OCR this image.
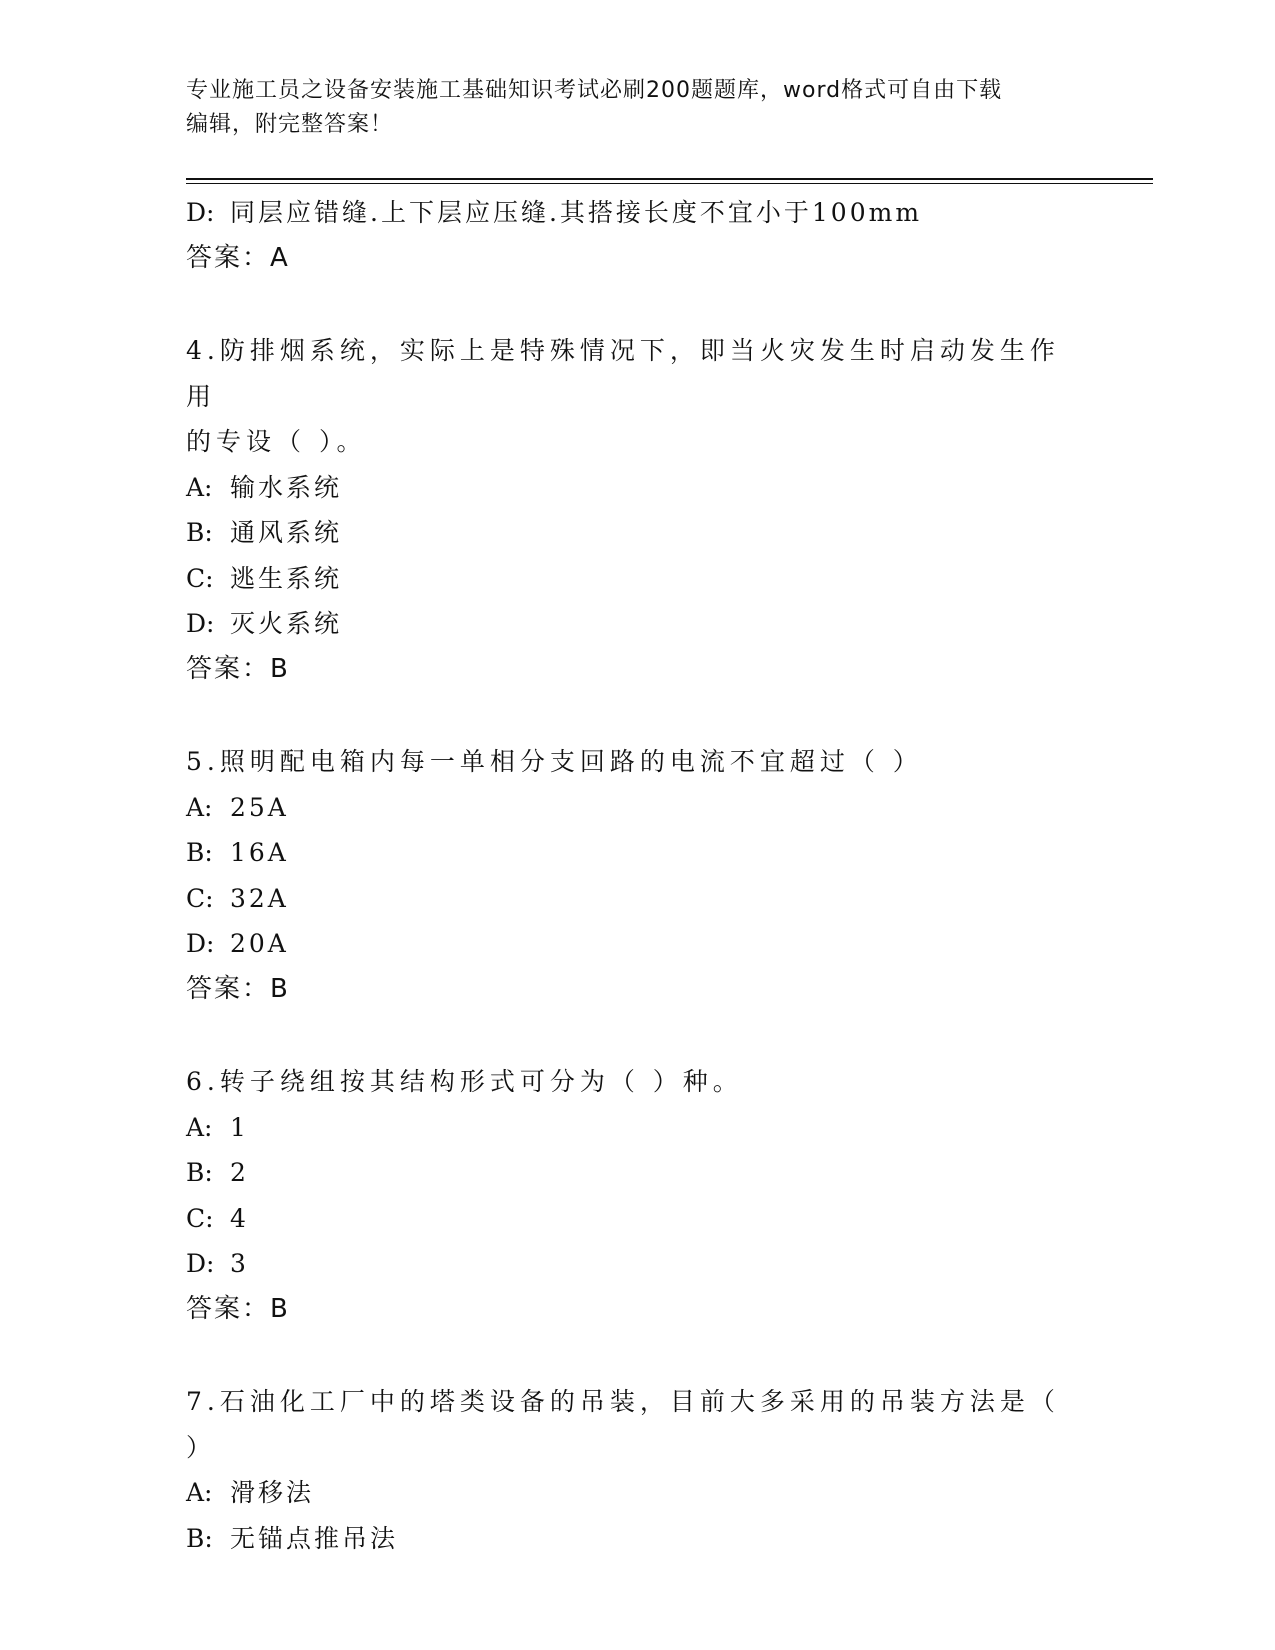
专业施工员之设备安装施工基础知识考试必刷200题题库，word格式可自由下载
编辑，附完整答案！
D: 同层应错缝.上下层应压缝.其搭接长度不宜小于100mm
答案：A
4.防排烟系统，实际上是特殊情况下，即当火灾发生时启动发生作用
的专设（ ）。
A: 输水系统
B: 通风系统
C: 逃生系统
D: 灭火系统
答案：B
5.照明配电箱内每一单相分支回路的电流不宜超过（ ）
A: 25A
B: 16A
C: 32A
D: 20A
答案：B
6.转子绕组按其结构形式可分为（ ）种。
A: 1
B: 2
C: 4
D: 3
答案：B
7.石油化工厂中的塔类设备的吊装，目前大多采用的吊装方法是（ ）
A: 滑移法
B: 无锚点推吊法
